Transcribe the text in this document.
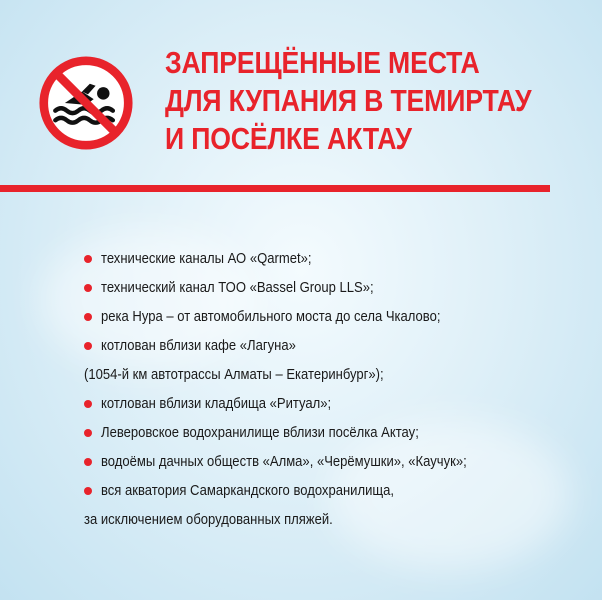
ЗАПРЕЩЁННЫЕ МЕСТА
ДЛЯ КУПАНИЯ В ТЕМИРТАУ
И ПОСЁЛКЕ АКТАУ
технические каналы АО «Qarmet»;
технический канал ТОО «Bassel Group LLS»;
река Нура – от автомобильного моста до села Чкалово;
котлован вблизи кафе «Лагуна»
(1054-й км автотрассы Алматы – Екатеринбург»);
котлован вблизи кладбища «Ритуал»;
Леверовское водохранилище вблизи посёлка Актау;
водоёмы дачных обществ «Алма», «Черёмушки», «Каучук»;
вся акватория Самаркандского водохранилища,
за исключением оборудованных пляжей.
